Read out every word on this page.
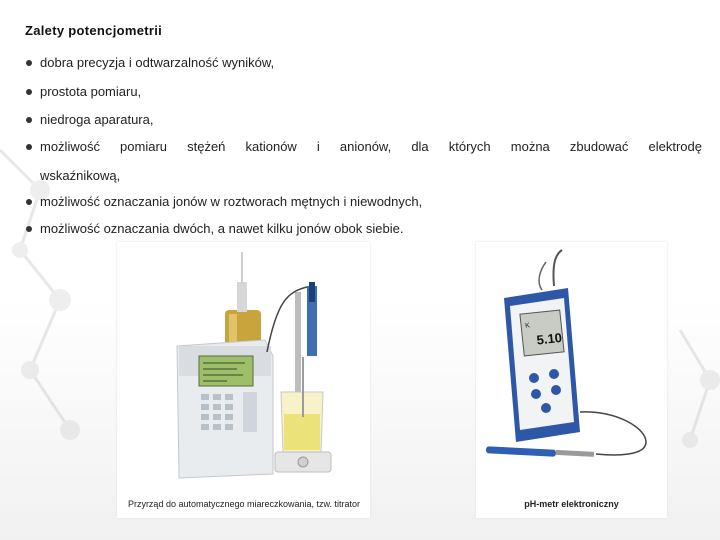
Zalety potencjometrii
dobra precyzja i odtwarzalność wyników,
prostota pomiaru,
niedroga aparatura,
możliwość pomiaru stężeń kationów i anionów, dla których można zbudować elektrodę
wskaźnikową,
możliwość oznaczania jonów w roztworach mętnych i niewodnych,
możliwość oznaczania dwóch, a nawet kilku jonów obok siebie.
Przyrząd do automatycznego miareczkowania, tzw. titrator
K
5.10
pH-metr elektroniczny
